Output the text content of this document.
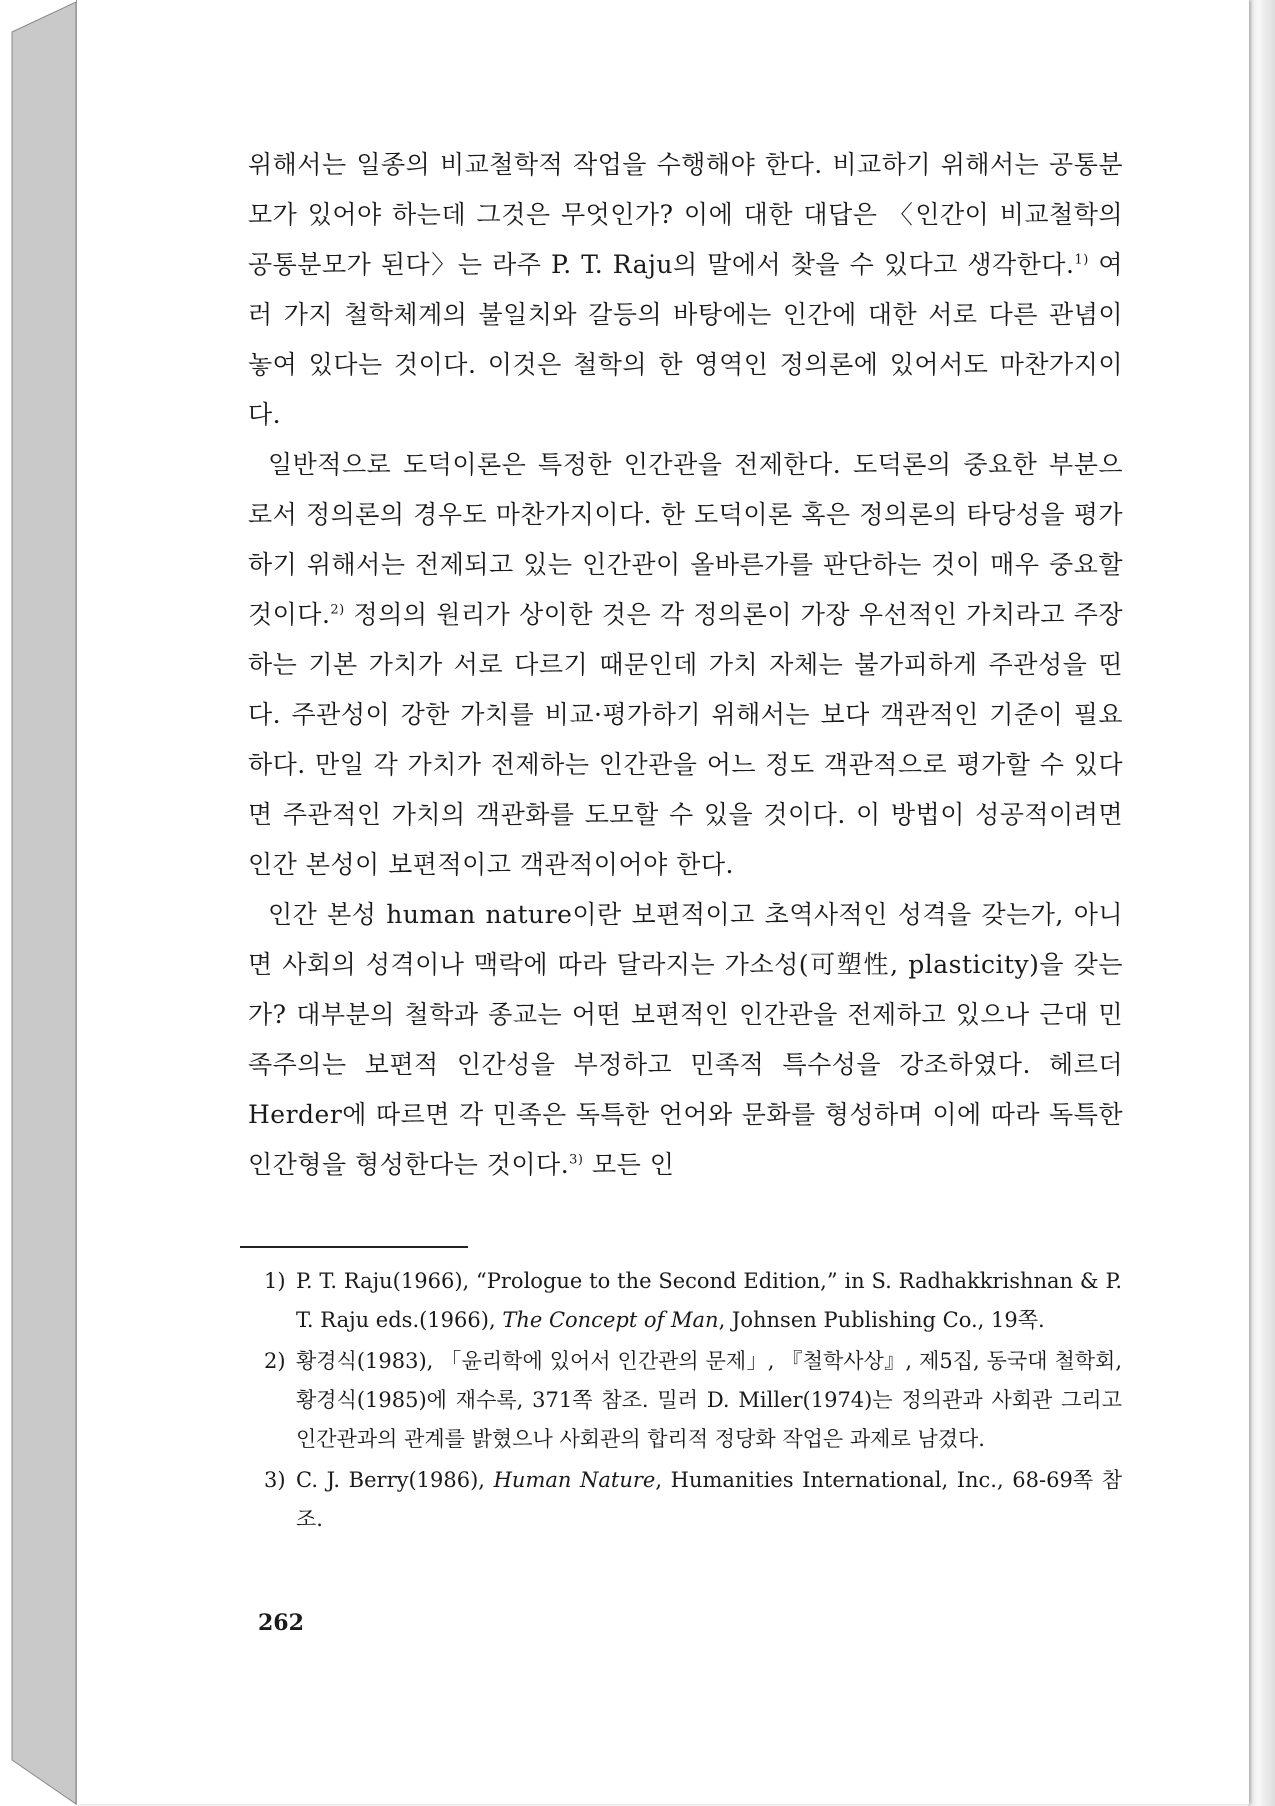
위해서는 일종의 비교철학적 작업을 수행해야 한다. 비교하기 위해서는 공통분모가 있어야 하는데 그것은 무엇인가? 이에 대한 대답은 〈인간이 비교철학의 공통분모가 된다〉는 라주 P. T. Raju의 말에서 찾을 수 있다고 생각한다.$^{1)}$ 여러 가지 철학체계의 불일치와 갈등의 바탕에는 인간에 대한 서로 다른 관념이 놓여 있다는 것이다. 이것은 철학의 한 영역인 정의론에 있어서도 마찬가지이다.

일반적으로 도덕이론은 특정한 인간관을 전제한다. 도덕론의 중요한 부분으로서 정의론의 경우도 마찬가지이다. 한 도덕이론 혹은 정의론의 타당성을 평가하기 위해서는 전제되고 있는 인간관이 올바른가를 판단하는 것이 매우 중요할 것이다.$^{2)}$ 정의의 원리가 상이한 것은 각 정의론이 가장 우선적인 가치라고 주장하는 기본 가치가 서로 다르기 때문인데 가치 자체는 불가피하게 주관성을 띤다. 주관성이 강한 가치를 비교·평가하기 위해서는 보다 객관적인 기준이 필요하다. 만일 각 가치가 전제하는 인간관을 어느 정도 객관적으로 평가할 수 있다면 주관적인 가치의 객관화를 도모할 수 있을 것이다. 이 방법이 성공적이려면 인간 본성이 보편적이고 객관적이어야 한다.

인간 본성 human nature이란 보편적이고 초역사적인 성격을 갖는가, 아니면 사회의 성격이나 맥락에 따라 달라지는 가소성(可塑性, plasticity)을 갖는가? 대부분의 철학과 종교는 어떤 보편적인 인간관을 전제하고 있으나 근대 민족주의는 보편적 인간성을 부정하고 민족적 특수성을 강조하였다. 헤르더 Herder에 따르면 각 민족은 독특한 언어와 문화를 형성하며 이에 따라 독특한 인간형을 형성한다는 것이다.$^{3)}$ 모든 인

1) P. T. Raju(1966), “Prologue to the Second Edition,” in S. Radhakkrishnan & P. T. Raju eds.(1966), The Concept of Man, Johnsen Publishing Co., 19쪽.
2) 황경식(1983), 「윤리학에 있어서 인간관의 문제」, 『철학사상』, 제5집, 동국대 철학회, 황경식(1985)에 재수록, 371쪽 참조. 밀러 D. Miller(1974)는 정의관과 사회관 그리고 인간관과의 관계를 밝혔으나 사회관의 합리적 정당화 작업은 과제로 남겼다.
3) C. J. Berry(1986), Human Nature, Humanities International, Inc., 68-69쪽 참조.
262
